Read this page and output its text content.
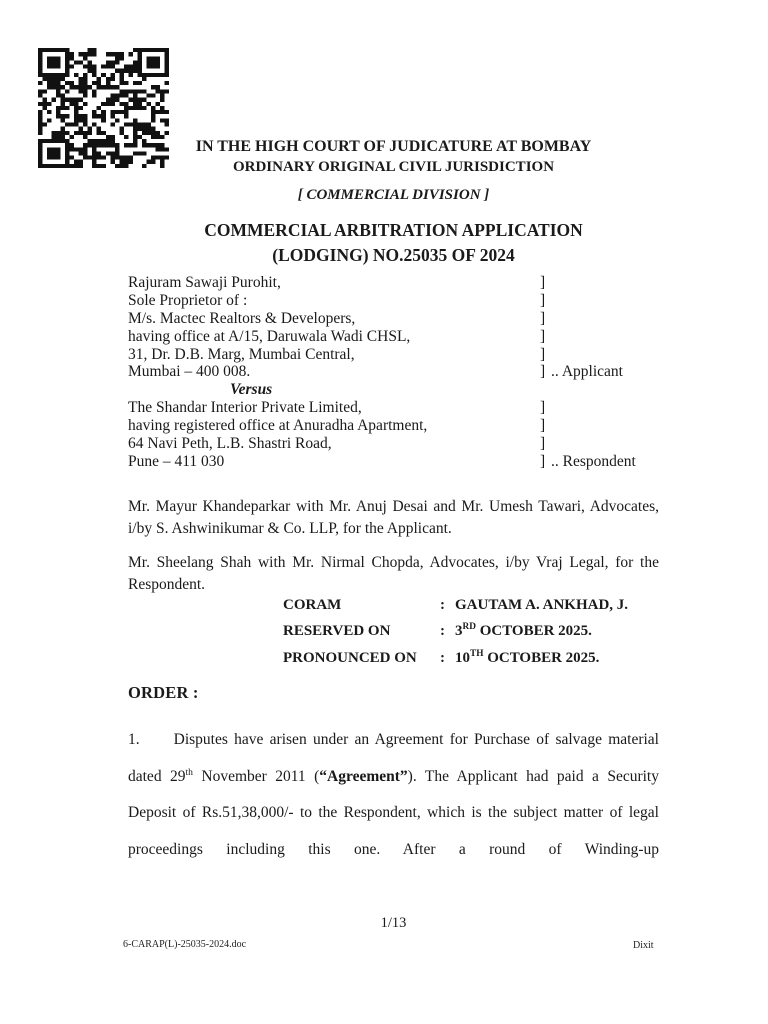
IN THE HIGH COURT OF JUDICATURE AT BOMBAY
ORDINARY ORIGINAL CIVIL JURISDICTION
[ COMMERCIAL DIVISION ]
COMMERCIAL ARBITRATION APPLICATION
(LODGING) NO.25035 OF 2024
Rajuram Sawaji Purohit,	]
Sole Proprietor of :	]
M/s. Mactec Realtors & Developers,	]
having office at A/15, Daruwala Wadi CHSL,	]
31, Dr. D.B. Marg, Mumbai Central,	]
Mumbai – 400 008.	] .. Applicant
Versus
The Shandar Interior Private Limited,	]
having registered office at Anuradha Apartment,	]
64 Navi Peth, L.B. Shastri Road,	]
Pune – 411 030	] .. Respondent

Mr. Mayur Khandeparkar with Mr. Anuj Desai and Mr. Umesh Tawari, Advocates, i/by S. Ashwinikumar & Co. LLP, for the Applicant.

Mr. Sheelang Shah with Mr. Nirmal Chopda, Advocates, i/by Vraj Legal, for the Respondent.

CORAM	: GAUTAM A. ANKHAD, J.
RESERVED ON	: 3RD OCTOBER 2025.
PRONOUNCED ON	: 10TH OCTOBER 2025.
ORDER :
1. Disputes have arisen under an Agreement for Purchase of salvage material dated 29th November 2011 (“Agreement”). The Applicant had paid a Security Deposit of Rs.51,38,000/- to the Respondent, which is the subject matter of legal proceedings including this one. After a round of Winding-up
1/13
6-CARAP(L)-25035-2024.doc	Dixit
